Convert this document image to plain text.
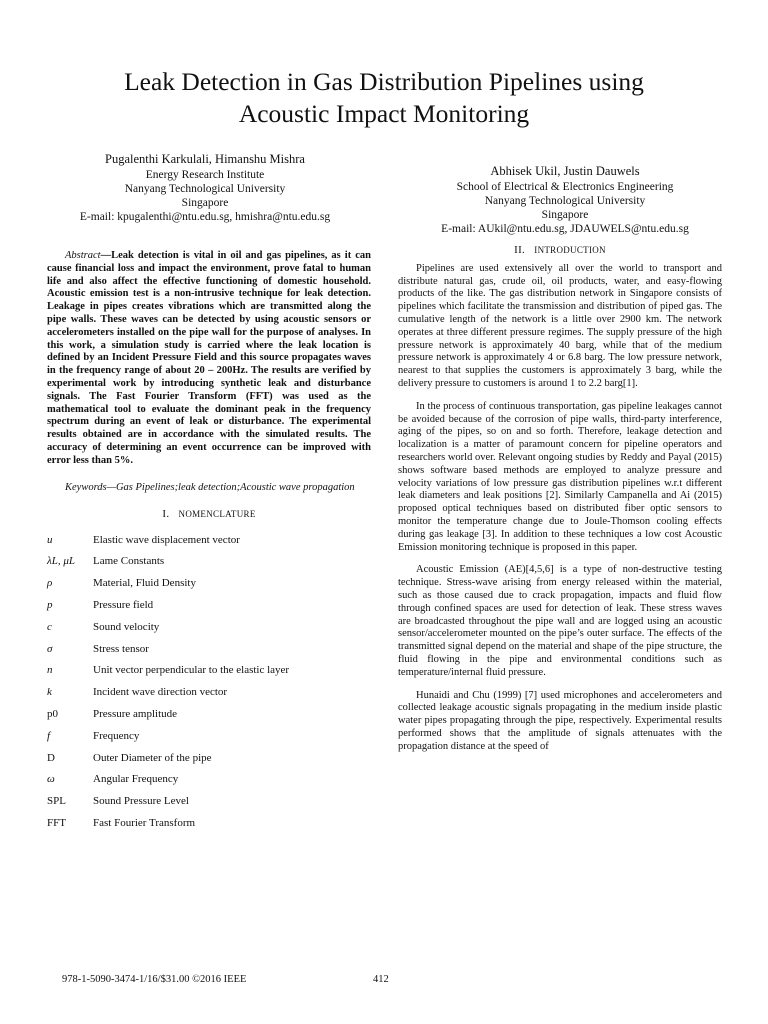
Leak Detection in Gas Distribution Pipelines using
Acoustic Impact Monitoring
Pugalenthi Karkulali, Himanshu Mishra
Energy Research Institute
Nanyang Technological University
Singapore
E-mail: kpugalenthi@ntu.edu.sg, hmishra@ntu.edu.sg
Abhisek Ukil, Justin Dauwels
School of Electrical & Electronics Engineering
Nanyang Technological University
Singapore
E-mail: AUkil@ntu.edu.sg, JDAUWELS@ntu.edu.sg

Abstract—Leak detection is vital in oil and gas pipelines, as it can cause financial loss and impact the environment, prove fatal to human life and also affect the effective functioning of domestic household. Acoustic emission test is a non-intrusive technique for leak detection. Leakage in pipes creates vibrations which are transmitted along the pipe walls. These waves can be detected by using acoustic sensors or accelerometers installed on the pipe wall for the purpose of analyses. In this work, a simulation study is carried where the leak location is defined by an Incident Pressure Field and this source propagates waves in the frequency range of about 20 – 200Hz. The results are verified by experimental work by introducing synthetic leak and disturbance signals. The Fast Fourier Transform (FFT) was used as the mathematical tool to evaluate the dominant peak in the frequency spectrum during an event of leak or disturbance. The experimental results obtained are in accordance with the simulated results. The accuracy of determining an event occurrence can be improved with error less than 5%.

Keywords—Gas Pipelines;leak detection;Acoustic wave propagation

I. NOMENCLATURE
u⃗	Elastic wave displacement vector
λL, μL	Lame Constants
ρ	Material, Fluid Density
p	Pressure field
c	Sound velocity
σ	Stress tensor
n⃗	Unit vector perpendicular to the elastic layer
k⃗	Incident wave direction vector
p0	Pressure amplitude
f	Frequency
D	Outer Diameter of the pipe
ω	Angular Frequency
SPL	Sound Pressure Level
FFT	Fast Fourier Transform
II. INTRODUCTION

Pipelines are used extensively all over the world to transport and distribute natural gas, crude oil, oil products, water, and easy-flowing products of the like. The gas distribution network in Singapore consists of pipelines which facilitate the transmission and distribution of piped gas. The cumulative length of the network is a little over 2900 km. The network operates at three different pressure regimes. The supply pressure of the high pressure network is approximately 40 barg, while that of the medium pressure network is approximately 4 or 6.8 barg. The low pressure network, nearest to that supplies the customers is approximately 3 barg, while the delivery pressure to customers is around 1 to 2.2 barg[1].

In the process of continuous transportation, gas pipeline leakages cannot be avoided because of the corrosion of pipe walls, third-party interference, aging of the pipes, so on and so forth. Therefore, leakage detection and localization is a matter of paramount concern for pipeline operators and researchers world over. Relevant ongoing studies by Reddy and Payal (2015) shows software based methods are employed to analyze pressure and velocity variations of low pressure gas distribution pipelines w.r.t different leak diameters and leak positions [2]. Similarly Campanella and Ai (2015) proposed optical techniques based on distributed fiber optic sensors to monitor the temperature change due to Joule-Thomson cooling effects during gas leakage [3]. In addition to these techniques a low cost Acoustic Emission monitoring technique is proposed in this paper.

Acoustic Emission (AE)[4,5,6] is a type of non-destructive testing technique. Stress-wave arising from energy released within the material, such as those caused due to crack propagation, impacts and fluid flow through confined spaces are used for detection of leak. These stress waves are broadcasted throughout the pipe wall and are logged using an acoustic sensor/accelerometer mounted on the pipe’s outer surface. The effects of the transmitted signal depend on the material and shape of the pipe structure, the fluid flowing in the pipe and environmental conditions such as temperature/internal fluid pressure.

Hunaidi and Chu (1999) [7] used microphones and accelerometers and collected leakage acoustic signals propagating in the medium inside plastic water pipes propagating through the pipe, respectively. Experimental results performed shows that the amplitude of signals attenuates with the propagation distance at the speed of

978-1-5090-3474-1/16/$31.00 ©2016 IEEE	412
